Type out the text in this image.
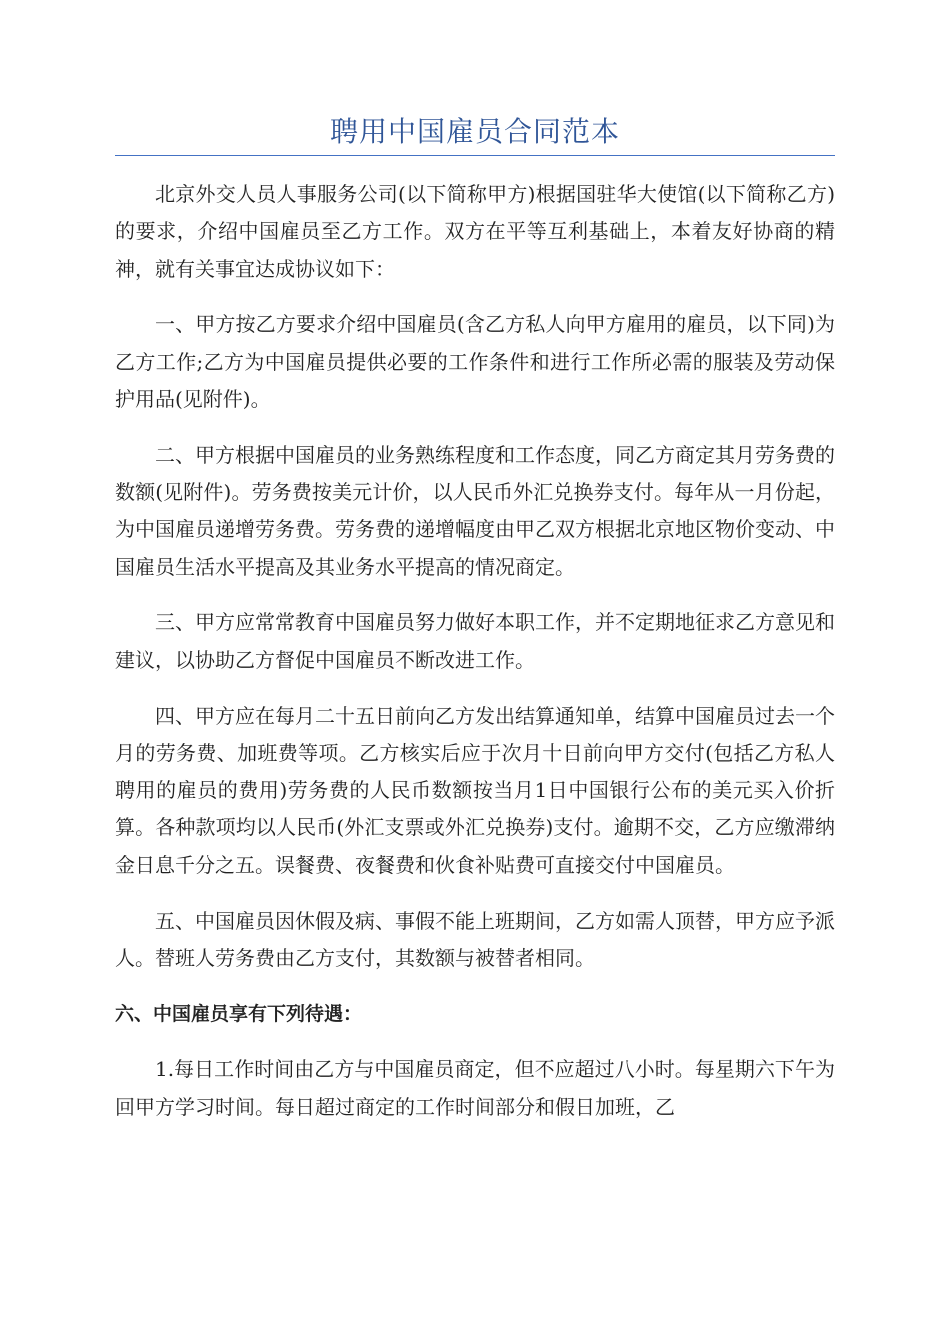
聘用中国雇员合同范本

北京外交人员人事服务公司(以下简称甲方)根据国驻华大使馆(以下简称乙方)的要求，介绍中国雇员至乙方工作。双方在平等互利基础上，本着友好协商的精神，就有关事宜达成协议如下：

一、甲方按乙方要求介绍中国雇员(含乙方私人向甲方雇用的雇员，以下同)为乙方工作;乙方为中国雇员提供必要的工作条件和进行工作所必需的服装及劳动保护用品(见附件)。

二、甲方根据中国雇员的业务熟练程度和工作态度，同乙方商定其月劳务费的数额(见附件)。劳务费按美元计价，以人民币外汇兑换券支付。每年从一月份起，为中国雇员递增劳务费。劳务费的递增幅度由甲乙双方根据北京地区物价变动、中国雇员生活水平提高及其业务水平提高的情况商定。

三、甲方应常常教育中国雇员努力做好本职工作，并不定期地征求乙方意见和建议，以协助乙方督促中国雇员不断改进工作。

四、甲方应在每月二十五日前向乙方发出结算通知单，结算中国雇员过去一个月的劳务费、加班费等项。乙方核实后应于次月十日前向甲方交付(包括乙方私人聘用的雇员的费用)劳务费的人民币数额按当月1日中国银行公布的美元买入价折算。各种款项均以人民币(外汇支票或外汇兑换券)支付。逾期不交，乙方应缴滞纳金日息千分之五。误餐费、夜餐费和伙食补贴费可直接交付中国雇员。

五、中国雇员因休假及病、事假不能上班期间，乙方如需人顶替，甲方应予派人。替班人劳务费由乙方支付，其数额与被替者相同。

六、中国雇员享有下列待遇：

1.每日工作时间由乙方与中国雇员商定，但不应超过八小时。每星期六下午为回甲方学习时间。每日超过商定的工作时间部分和假日加班，乙
